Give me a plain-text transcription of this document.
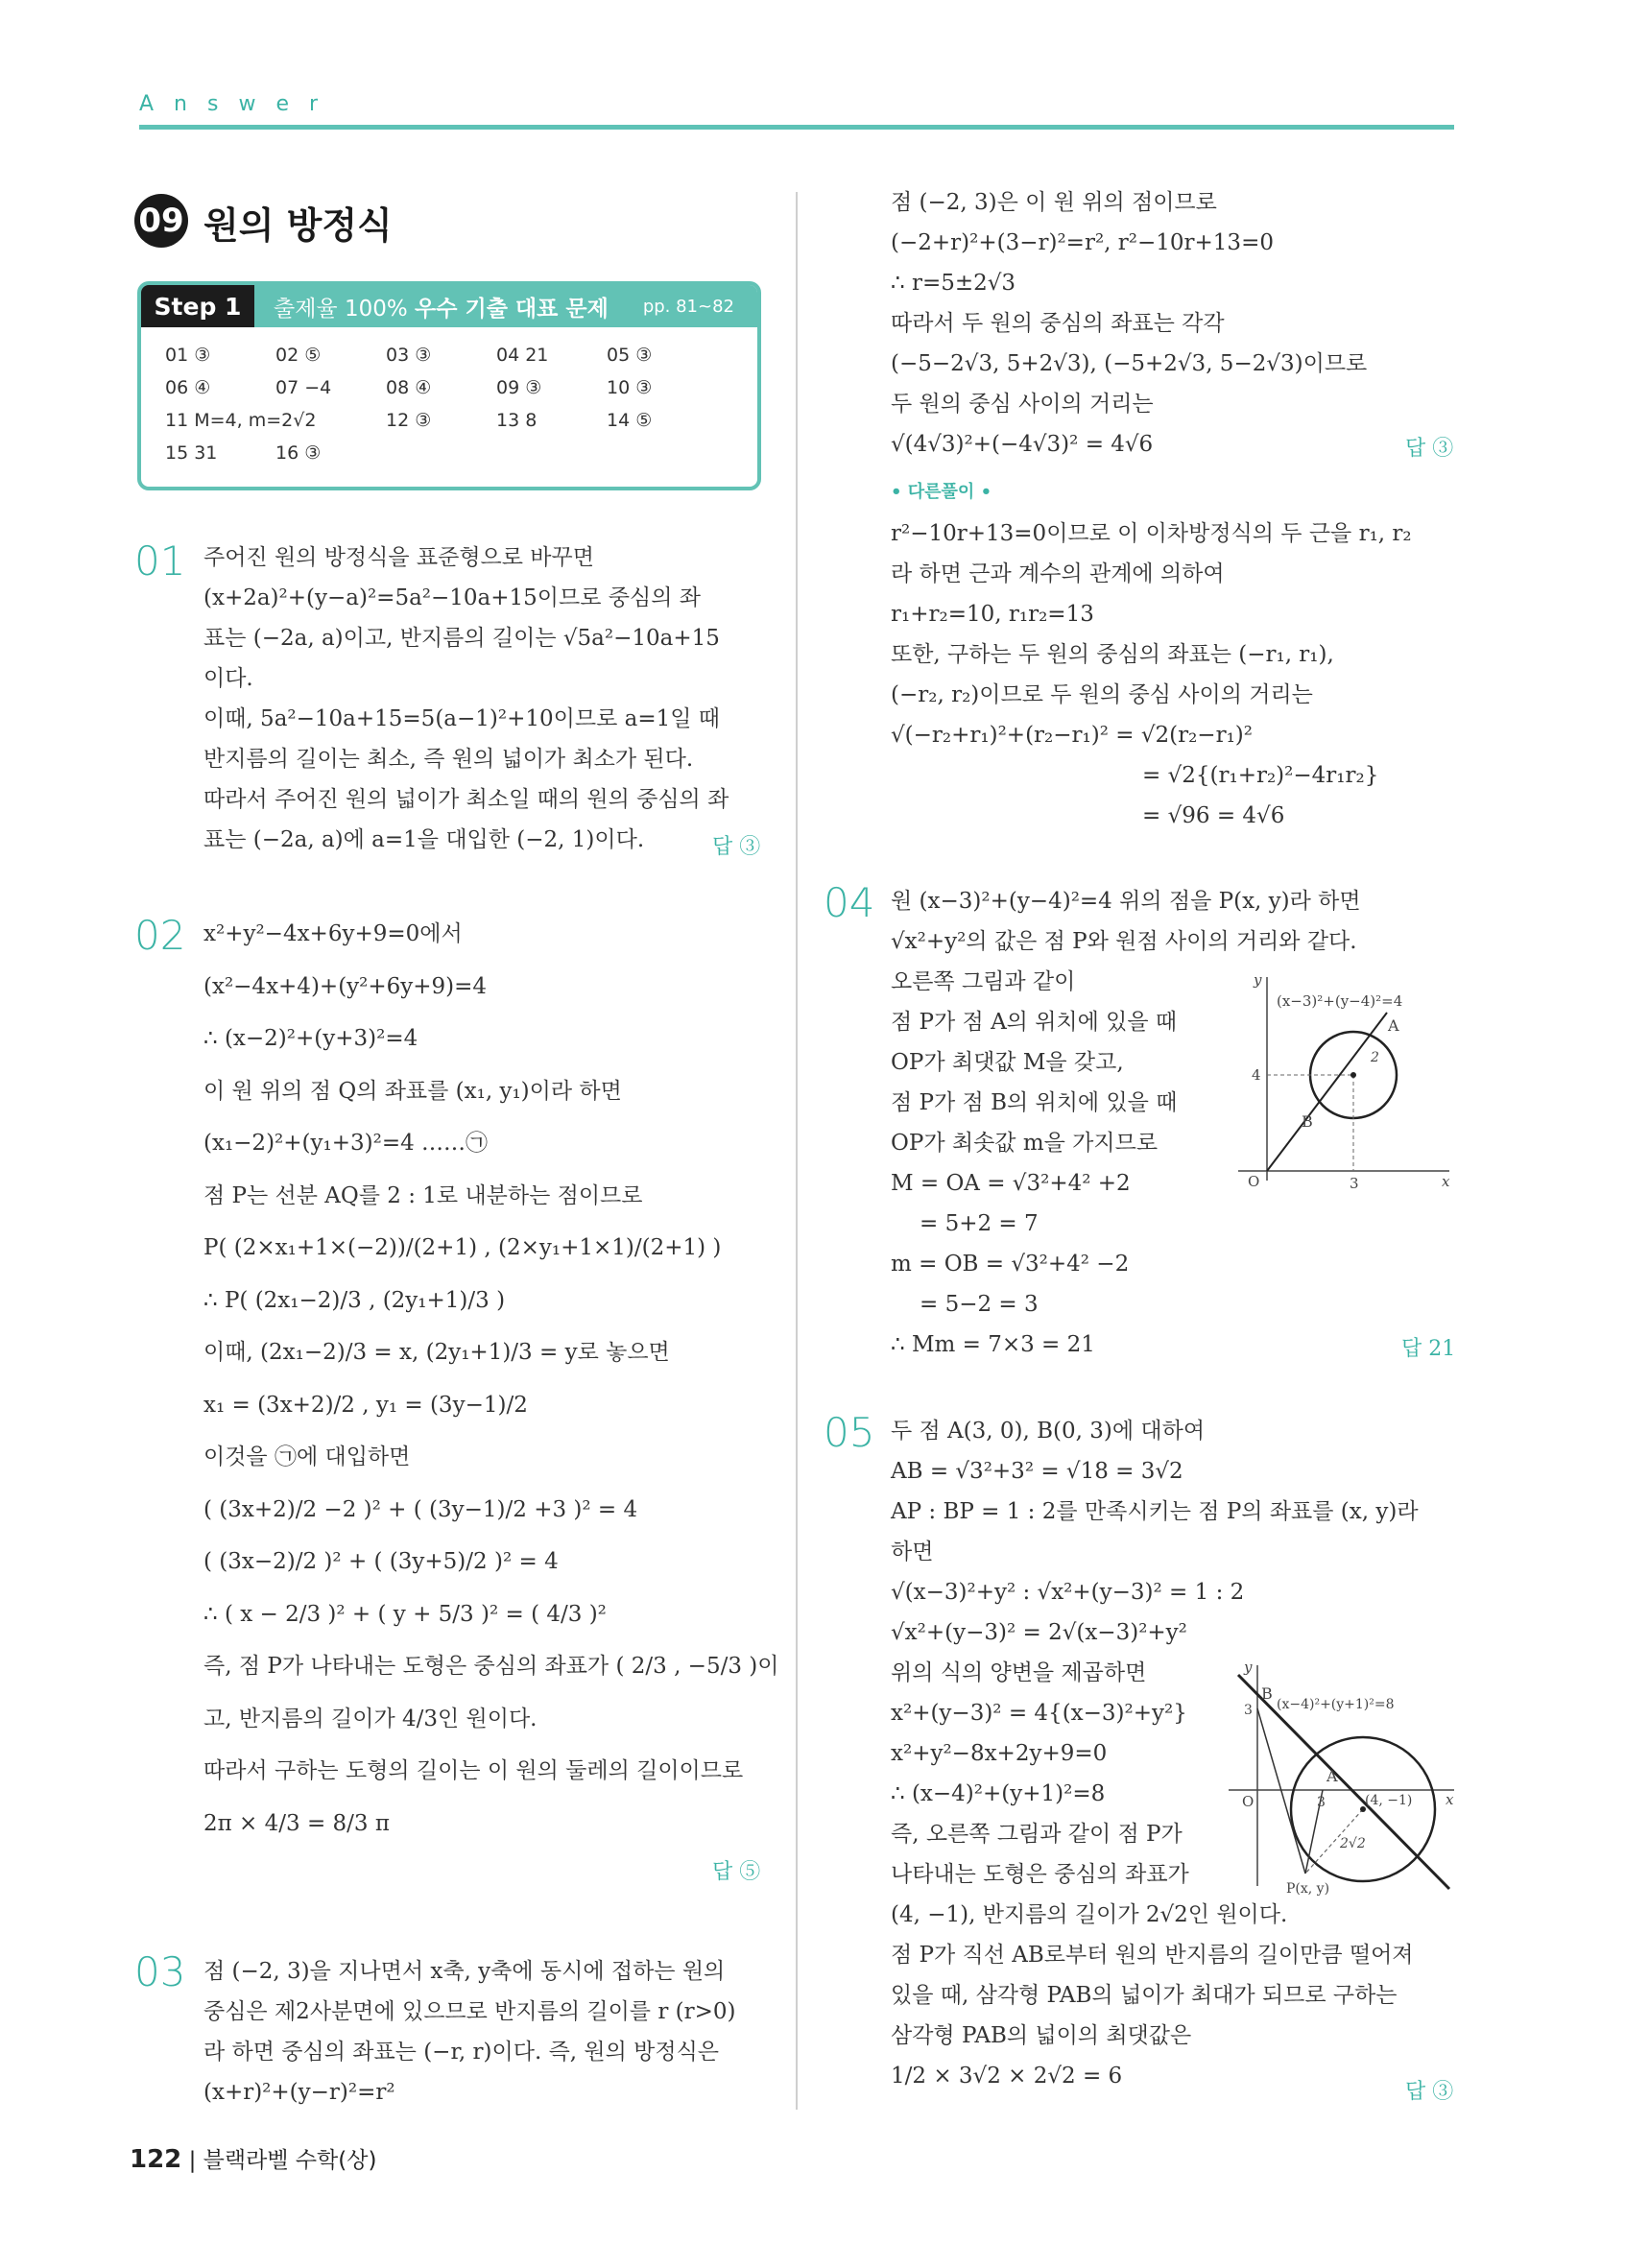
Answer
09 원의 방정식
Step 1	출제율 100% 우수 기출 대표 문제 pp. 81~82
01 ③	02 ⑤	03 ③	04 21	05 ③
06 ④	07 −4	08 ④	09 ③	10 ③
11 M=4, m=2√2	12 ③	13 8	14 ⑤
15 31	16 ③
01 주어진 원의 방정식을 표준형으로 바꾸면
(x+2a)²+(y−a)²=5a²−10a+15이므로 중심의 좌
표는 (−2a, a)이고, 반지름의 길이는 √5a²−10a+15
이다.
이때, 5a²−10a+15=5(a−1)²+10이므로 a=1일 때
반지름의 길이는 최소, 즉 원의 넓이가 최소가 된다.
따라서 주어진 원의 넓이가 최소일 때의 원의 중심의 좌
표는 (−2a, a)에 a=1을 대입한 (−2, 1)이다.	답 ③
02 x²+y²−4x+6y+9=0에서
(x²−4x+4)+(y²+6y+9)=4
∴ (x−2)²+(y+3)²=4
이 원 위의 점 Q의 좌표를 (x₁, y₁)이라 하면
(x₁−2)²+(y₁+3)²=4 ……㉠
점 P는 선분 AQ를 2 : 1로 내분하는 점이므로
P( (2×x₁+1×(−2))/(2+1) , (2×y₁+1×1)/(2+1) )
∴ P( (2x₁−2)/3 , (2y₁+1)/3 )
이때, (2x₁−2)/3 = x, (2y₁+1)/3 = y로 놓으면
x₁ = (3x+2)/2 , y₁ = (3y−1)/2
이것을 ㉠에 대입하면
( (3x+2)/2 −2 )² + ( (3y−1)/2 +3 )² = 4
( (3x−2)/2 )² + ( (3y+5)/2 )² = 4
∴ ( x − 2/3 )² + ( y + 5/3 )² = ( 4/3 )²
즉, 점 P가 나타내는 도형은 중심의 좌표가 ( 2/3 , −5/3 )이
고, 반지름의 길이가 4/3인 원이다.
따라서 구하는 도형의 길이는 이 원의 둘레의 길이이므로
2π × 4/3 = 8/3 π
답 ⑤
03 점 (−2, 3)을 지나면서 x축, y축에 동시에 접하는 원의
중심은 제2사분면에 있으므로 반지름의 길이를 r (r>0)
라 하면 중심의 좌표는 (−r, r)이다. 즉, 원의 방정식은
(x+r)²+(y−r)²=r²
점 (−2, 3)은 이 원 위의 점이므로
(−2+r)²+(3−r)²=r², r²−10r+13=0
∴ r=5±2√3
따라서 두 원의 중심의 좌표는 각각
(−5−2√3, 5+2√3), (−5+2√3, 5−2√3)이므로
두 원의 중심 사이의 거리는
√(4√3)²+(−4√3)² = 4√6
r²−10r+13=0이므로 이 이차방정식의 두 근을 r₁, r₂
라 하면 근과 계수의 관계에 의하여
r₁+r₂=10, r₁r₂=13
또한, 구하는 두 원의 중심의 좌표는 (−r₁, r₁),
(−r₂, r₂)이므로 두 원의 중심 사이의 거리는
√(−r₂+r₁)²+(r₂−r₁)² = √2(r₂−r₁)²
= √2{(r₁+r₂)²−4r₁r₂}
= √96 = 4√6
답 ③
• 다른풀이 •
04 원 (x−3)²+(y−4)²=4 위의 점을 P(x, y)라 하면
√x²+y²의 값은 점 P와 원점 사이의 거리와 같다.
오른쪽 그림과 같이
점 P가 점 A의 위치에 있을 때
OP가 최댓값 M을 갖고,
점 P가 점 B의 위치에 있을 때
OP가 최솟값 m을 가지므로
M = OA = √3²+4² +2
= 5+2 = 7
m = OB = √3²+4² −2
= 5−2 = 3
∴ Mm = 7×3 = 21	답 21
(x−3)²+(y−4)²=4
y
x
O	3
4
2
A
B
05 두 점 A(3, 0), B(0, 3)에 대하여
AB = √3²+3² = √18 = 3√2
AP : BP = 1 : 2를 만족시키는 점 P의 좌표를 (x, y)라
하면
√(x−3)²+y² : √x²+(y−3)² = 1 : 2
√x²+(y−3)² = 2√(x−3)²+y²
위의 식의 양변을 제곱하면
x²+(y−3)² = 4{(x−3)²+y²}
x²+y²−8x+2y+9=0
∴ (x−4)²+(y+1)²=8
즉, 오른쪽 그림과 같이 점 P가
나타내는 도형은 중심의 좌표가
(4, −1), 반지름의 길이가 2√2인 원이다.
점 P가 직선 AB로부터 원의 반지름의 길이만큼 떨어져
있을 때, 삼각형 PAB의 넓이가 최대가 되므로 구하는
삼각형 PAB의 넓이의 최댓값은
1/2 × 3√2 × 2√2 = 6
답 ③
(x−4)²+(y+1)²=8
y
x
O	3
3
B
A
(4, −1)
2√2
P(x, y)
122 | 블랙라벨 수학(상)
